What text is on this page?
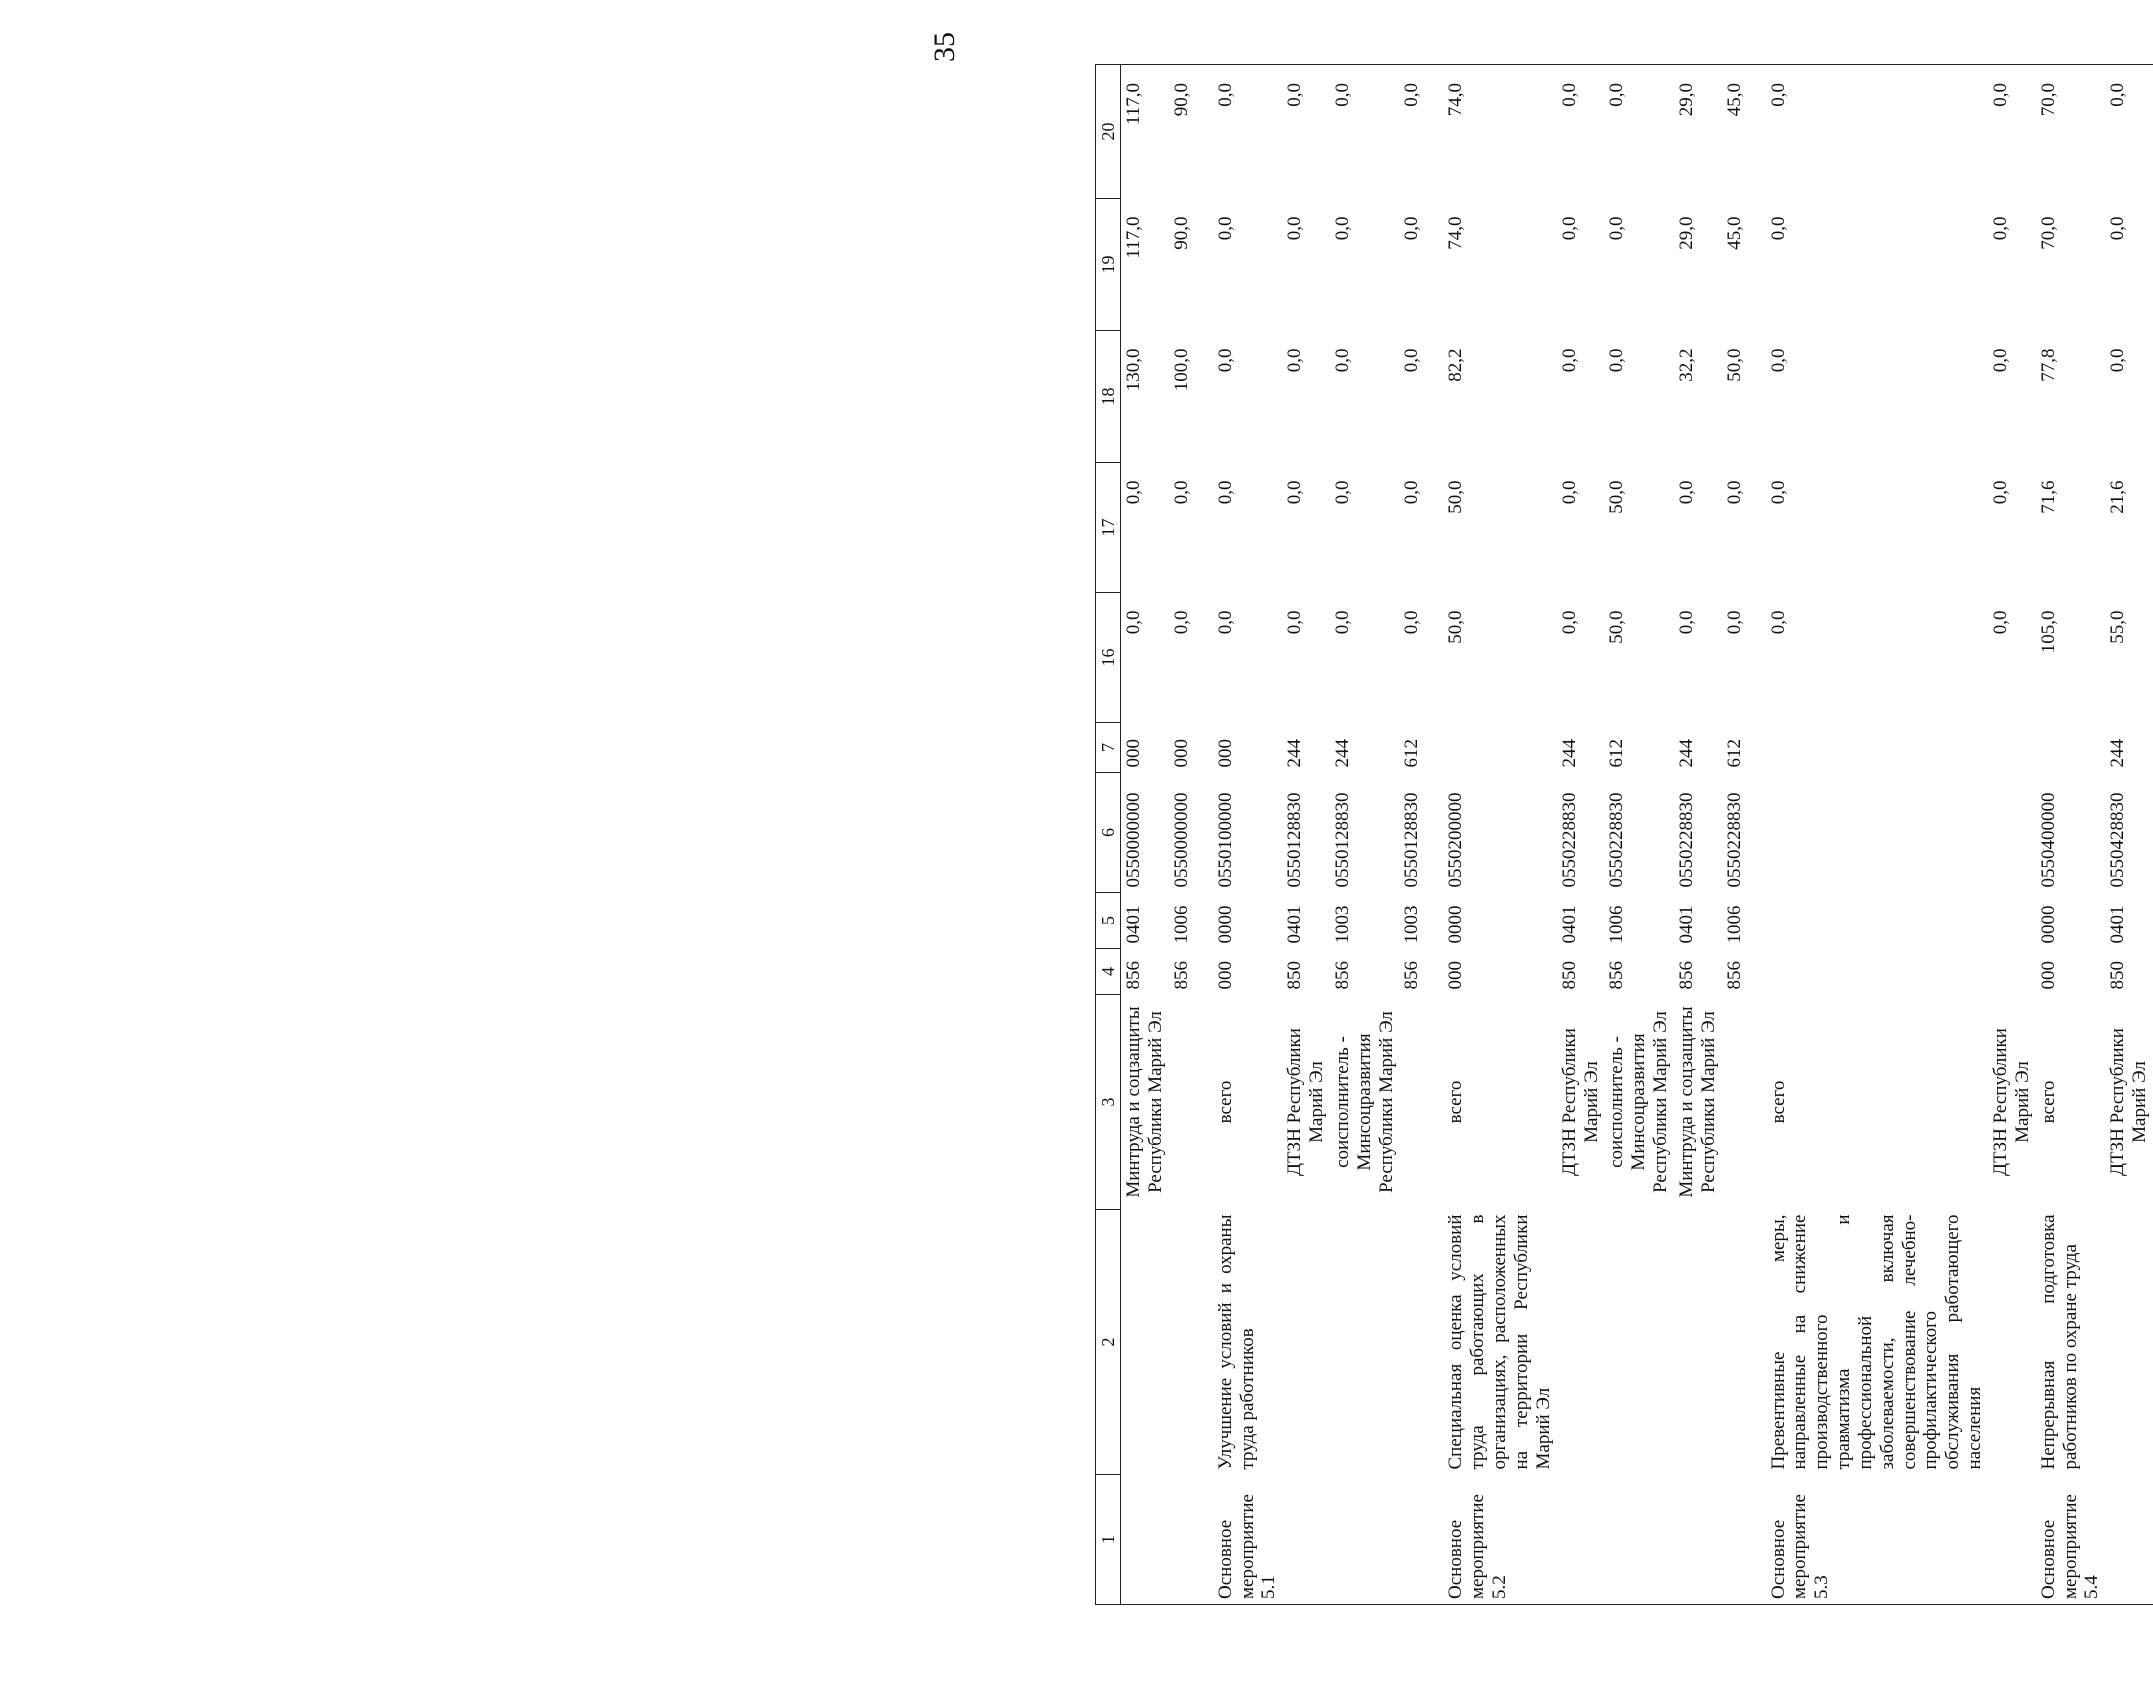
35
1	2	3	4	5	6	7	16	17	18	19	20
		Минтруда и соцзащиты Республики Марий Эл	856	0401	0550000000	000	0,0	0,0	130,0	117,0	117,0
			856	1006	0550000000	000	0,0	0,0	100,0	90,0	90,0
Основное мероприятие 5.1	Улучшение условий и охраны труда работников	всего	000	0000	0550100000	000	0,0	0,0	0,0	0,0	0,0
		ДТЗН Республики Марий Эл	850	0401	0550128830	244	0,0	0,0	0,0	0,0	0,0
		соисполнитель - Минсоцразвития Республики Марий Эл	856	1003	0550128830	244	0,0	0,0	0,0	0,0	0,0
			856	1003	0550128830	612	0,0	0,0	0,0	0,0	0,0
Основное мероприятие 5.2	Специальная оценка условий труда работающих в организациях, расположенных на территории Республики Марий Эл	всего	000	0000	0550200000		50,0	50,0	82,2	74,0	74,0
		ДТЗН Республики Марий Эл	850	0401	0550228830	244	0,0	0,0	0,0	0,0	0,0
		соисполнитель - Минсоцразвития Республики Марий Эл	856	1006	0550228830	612	50,0	50,0	0,0	0,0	0,0
		Минтруда и соцзащиты Республики Марий Эл	856	0401	0550228830	244	0,0	0,0	32,2	29,0	29,0
			856	1006	0550228830	612	0,0	0,0	50,0	45,0	45,0
Основное мероприятие 5.3	Превентивные меры, направленные на снижение производственного травматизма и профессиональной заболеваемости, включая совершенствование лечебно-профилактического обслуживания работающего населения	всего					0,0	0,0	0,0	0,0	0,0
		ДТЗН Республики Марий Эл					0,0	0,0	0,0	0,0	0,0
Основное мероприятие 5.4	Непрерывная подготовка работников по охране труда	всего	000	0000	0550400000		105,0	71,6	77,8	70,0	70,0
		ДТЗН Республики Марий Эл	850	0401	0550428830	244	55,0	21,6	0,0	0,0	0,0
